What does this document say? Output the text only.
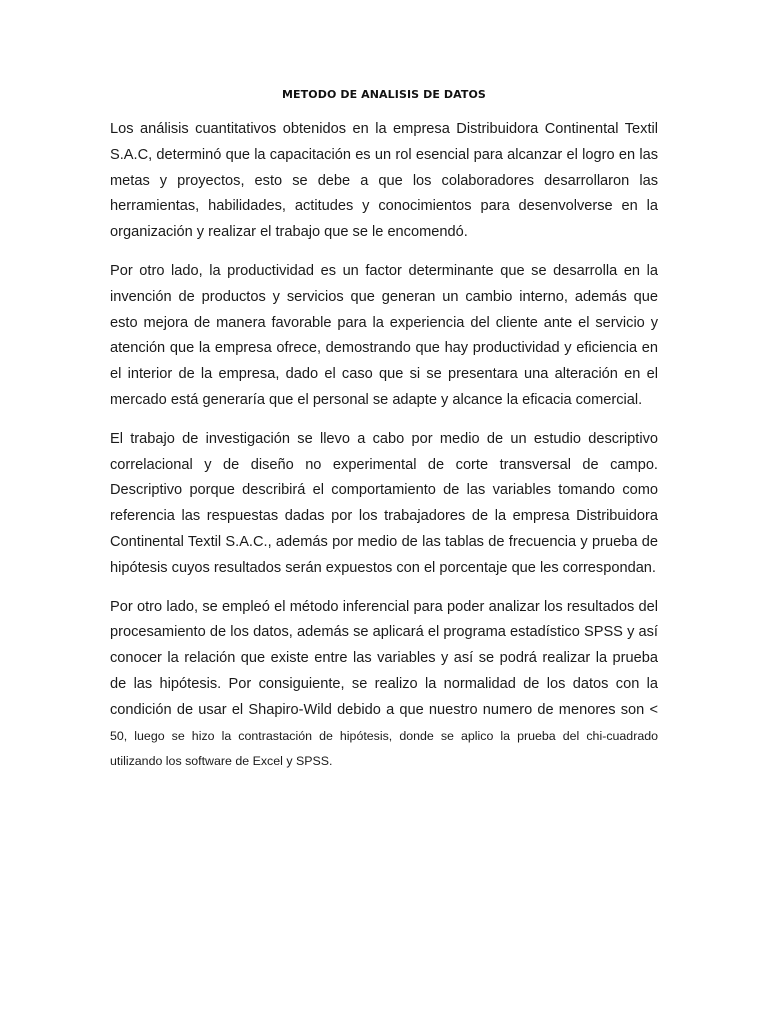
METODO DE ANALISIS DE DATOS

Los análisis cuantitativos obtenidos en la empresa Distribuidora Continental Textil S.A.C, determinó que la capacitación es un rol esencial para alcanzar el logro en las metas y proyectos, esto se debe a que los colaboradores desarrollaron las herramientas, habilidades, actitudes y conocimientos para desenvolverse en la organización y realizar el trabajo que se le encomendó.

Por otro lado, la productividad es un factor determinante que se desarrolla en la invención de productos y servicios que generan un cambio interno, además que esto mejora de manera favorable para la experiencia del cliente ante el servicio y atención que la empresa ofrece, demostrando que hay productividad y eficiencia en el interior de la empresa, dado el caso que si se presentara una alteración en el mercado está generaría que el personal se adapte y alcance la eficacia comercial.

El trabajo de investigación se llevo a cabo por medio de un estudio descriptivo correlacional y de diseño no experimental de corte transversal de campo. Descriptivo porque describirá el comportamiento de las variables tomando como referencia las respuestas dadas por los trabajadores de la empresa Distribuidora Continental Textil S.A.C., además por medio de las tablas de frecuencia y prueba de hipótesis cuyos resultados serán expuestos con el porcentaje que les correspondan.

Por otro lado, se empleó el método inferencial para poder analizar los resultados del procesamiento de los datos, además se aplicará el programa estadístico SPSS y así conocer la relación que existe entre las variables y así se podrá realizar la prueba de las hipótesis. Por consiguiente, se realizo la normalidad de los datos con la condición de usar el Shapiro-Wild debido a que nuestro numero de menores son < 50, luego se hizo la contrastación de hipótesis, donde se aplico la prueba del chi-cuadrado utilizando los software de Excel y SPSS.
